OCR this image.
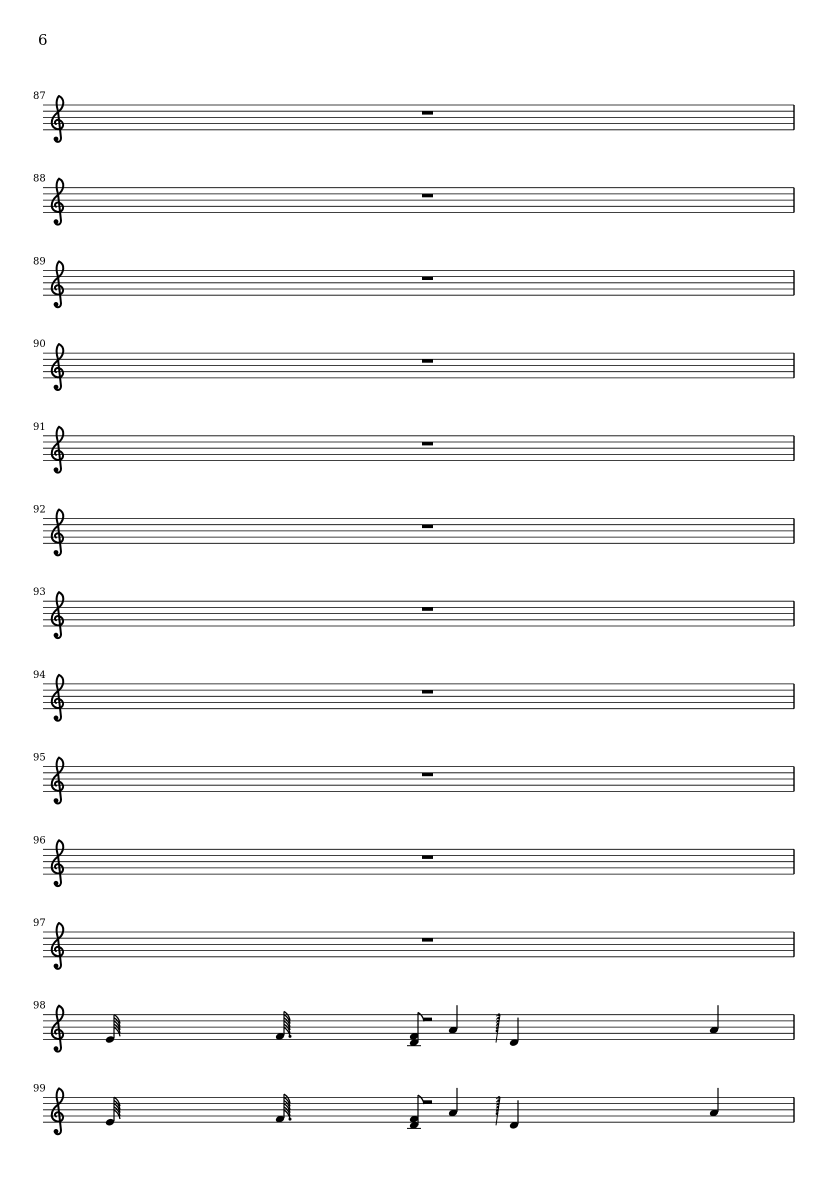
6
87
88
89
90
91
92
93
94
95
96
97
98
99
